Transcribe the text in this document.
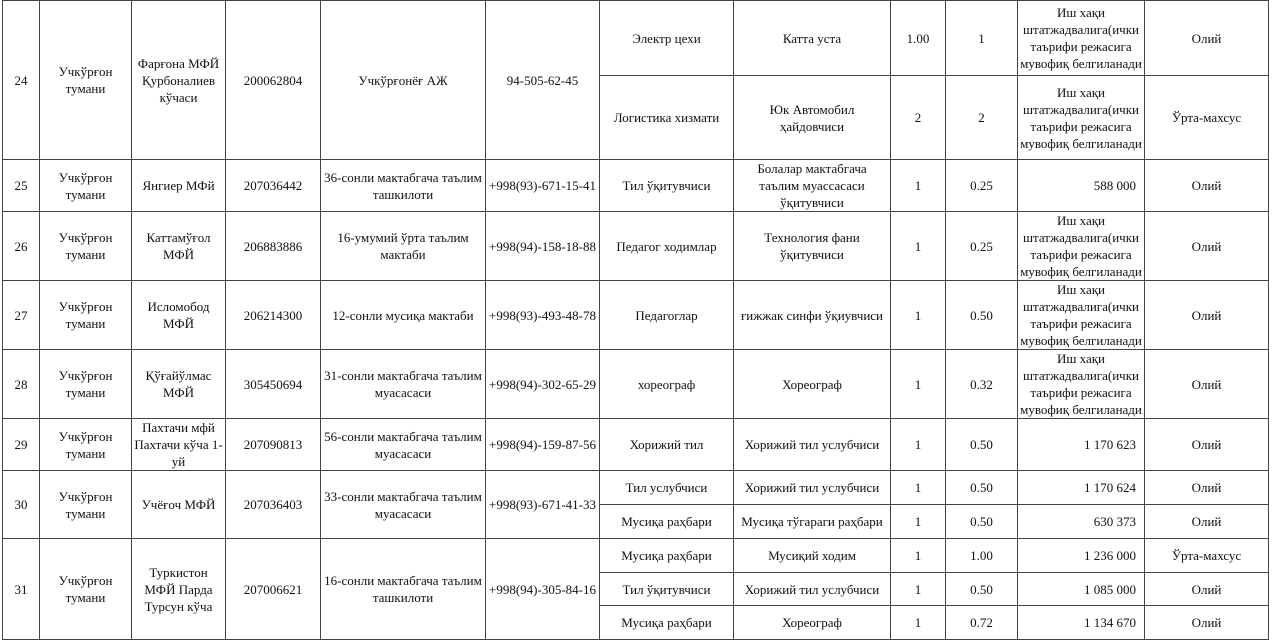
24	Учкўрғон тумани	Фарғона МФЙ Қурбоналиев кўчаси	200062804	Учкўрғонёғ АЖ	94-505-62-45	Электр цехи	Катта уста	1.00	1	Иш хақи штатжадвалига(ички таърифи режасига мувофиқ белгиланади	Олий
						Логистика хизмати	Юк Автомобил ҳайдовчиси	2	2	Иш хақи штатжадвалига(ички таърифи режасига мувофиқ белгиланади	Ўрта-махсус
25	Учкўрғон тумани	Янгиер МФй	207036442	36-сонли мактабгача таълим ташкилоти	+998(93)-671-15-41	Тил ўқитувчиси	Болалар мактабгача таълим муассасаси ўқитувчиси	1	0.25	588 000	Олий
26	Учкўрғон тумани	Каттамўғол МФЙ	206883886	16-умумий ўрта таълим мактаби	+998(94)-158-18-88	Педагог ходимлар	Технология фани ўқитувчиси	1	0.25	Иш хақи штатжадвалига(ички таърифи режасига мувофиқ белгиланади	Олий
27	Учкўрғон тумани	Исломобод МФЙ	206214300	12-сонли мусиқа мактаби	+998(93)-493-48-78	Педагоглар	ғижжак синфи ўқиувчиси	1	0.50	Иш хақи штатжадвалига(ички таърифи режасига мувофиқ белгиланади	Олий
28	Учкўрғон тумани	Қўғайўлмас МФЙ	305450694	31-сонли мактабгача таълим муасасаси	+998(94)-302-65-29	хореограф	Хореограф	1	0.32	Иш хақи штатжадвалига(ички таърифи режасига мувофиқ белгиланади	Олий
29	Учкўрғон тумани	Пахтачи мфй Пахтачи кўча 1-уй	207090813	56-сонли мактабгача таълим муасасаси	+998(94)-159-87-56	Хорижий тил	Хорижий тил услубчиси	1	0.50	1 170 623	Олий
30	Учкўрғон тумани	Учёғоч МФЙ	207036403	33-сонли мактабгача таълим муасасаси	+998(93)-671-41-33	Тил услубчиси	Хорижий тил услубчиси	1	0.50	1 170 624	Олий
						Мусиқа раҳбари	Мусиқа тўгараги раҳбари	1	0.50	630 373	Олий
31	Учкўрғон тумани	Туркистон МФЙ Парда Турсун кўча	207006621	16-сонли мактабгача таълим ташкилоти	+998(94)-305-84-16	Мусиқа раҳбари	Мусиқий ходим	1	1.00	1 236 000	Ўрта-махсус
						Тил ўқитувчиси	Хорижий тил услубчиси	1	0.50	1 085 000	Олий
						Мусиқа раҳбари	Хореограф	1	0.72	1 134 670	Олий
